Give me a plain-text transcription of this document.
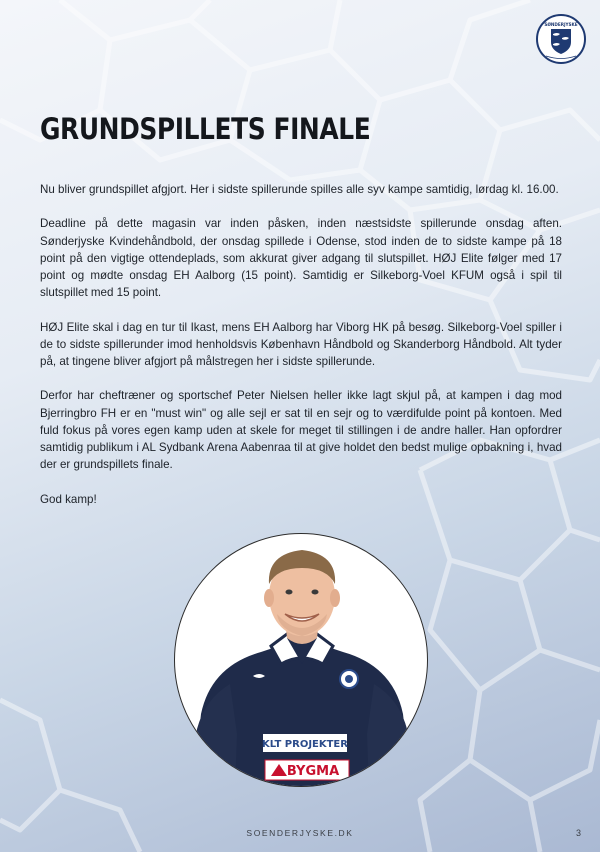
SØNDERJYSKE
GRUNDSPILLETS FINALE

Nu bliver grundspillet afgjort. Her i sidste spillerunde spilles alle syv kampe samtidig, lørdag kl. 16.00.

Deadline på dette magasin var inden påsken, inden næstsidste spillerunde onsdag aften. Sønderjyske Kvindehåndbold, der onsdag spillede i Odense, stod inden de to sidste kampe på 18 point på den vigtige ottendeplads, som akkurat giver adgang til slutspillet. HØJ Elite følger med 17 point og mødte onsdag EH Aalborg (15 point). Samtidig er Silkeborg-Voel KFUM også i spil til slutspillet med 15 point.

HØJ Elite skal i dag en tur til Ikast, mens EH Aalborg har Viborg HK på besøg. Silkeborg-Voel spiller i de to sidste spillerunder imod henholdsvis København Håndbold og Skanderborg Håndbold. Alt tyder på, at tingene bliver afgjort på målstregen her i sidste spillerunde.

Derfor har cheftræner og sportschef Peter Nielsen heller ikke lagt skjul på, at kampen i dag mod Bjerringbro FH er en "must win" og alle sejl er sat til en sejr og to værdifulde point på kontoen. Med fuld fokus på vores egen kamp uden at skele for meget til stillingen i de andre haller. Han opfordrer samtidig publikum i AL Sydbank Arena Aabenraa til at give holdet den bedst mulige opbakning i, hvad der er grundspillets finale.

God kamp!

KLT PROJEKTER
BYGMA
SOENDERJYSKE.DK	3
